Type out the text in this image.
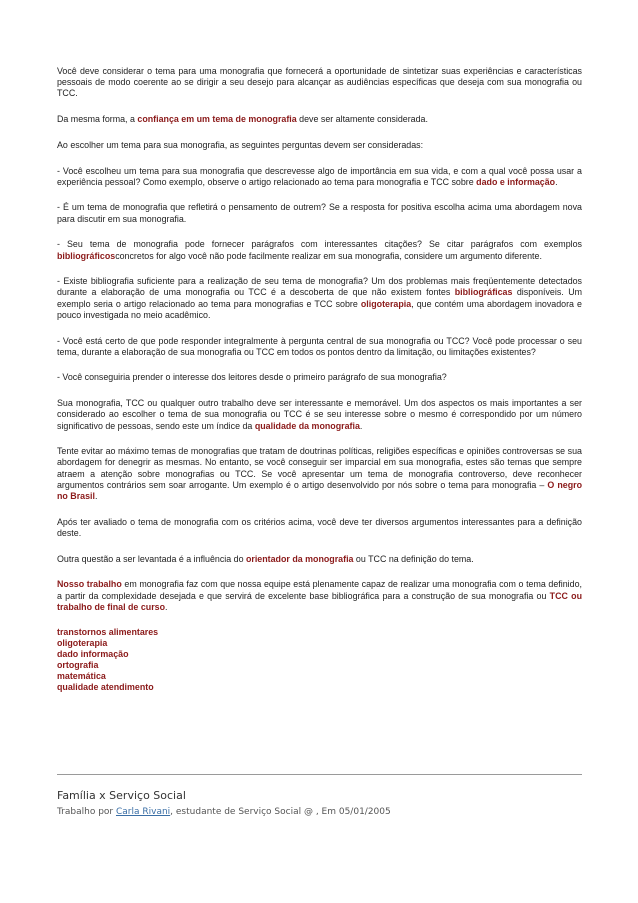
Você deve considerar o tema para uma monografia que fornecerá a oportunidade de sintetizar suas experiências e características pessoais de modo coerente ao se dirigir a seu desejo para alcançar as audiências específicas que deseja com sua monografia ou TCC.

Da mesma forma, a confiança em um tema de monografia deve ser altamente considerada.

Ao escolher um tema para sua monografia, as seguintes perguntas devem ser consideradas:

- Você escolheu um tema para sua monografia que descrevesse algo de importância em sua vida, e com a qual você possa usar a experiência pessoal? Como exemplo, observe o artigo relacionado ao tema para monografia e TCC sobre dado e informação.

- É um tema de monografia que refletirá o pensamento de outrem? Se a resposta for positiva escolha acima uma abordagem nova para discutir em sua monografia.

- Seu tema de monografia pode fornecer parágrafos com interessantes citações? Se citar parágrafos com exemplos bibliográficosconcretos for algo você não pode facilmente realizar em sua monografia, considere um argumento diferente.

- Existe bibliografia suficiente para a realização de seu tema de monografia? Um dos problemas mais freqüentemente detectados durante a elaboração de uma monografia ou TCC é a descoberta de que não existem fontes bibliográficas disponíveis. Um exemplo seria o artigo relacionado ao tema para monografias e TCC sobre oligoterapia, que contém uma abordagem inovadora e pouco investigada no meio acadêmico.

- Você está certo de que pode responder integralmente à pergunta central de sua monografia ou TCC? Você pode processar o seu tema, durante a elaboração de sua monografia ou TCC em todos os pontos dentro da limitação, ou limitações existentes?

- Você conseguiria prender o interesse dos leitores desde o primeiro parágrafo de sua monografia?

Sua monografia, TCC ou qualquer outro trabalho deve ser interessante e memorável. Um dos aspectos os mais importantes a ser considerado ao escolher o tema de sua monografia ou TCC é se seu interesse sobre o mesmo é correspondido por um número significativo de pessoas, sendo este um índice da qualidade da monografia.

Tente evitar ao máximo temas de monografias que tratam de doutrinas políticas, religiões específicas e opiniões controversas se sua abordagem for denegrir as mesmas. No entanto, se você conseguir ser imparcial em sua monografia, estes são temas que sempre atraem a atenção sobre monografias ou TCC. Se você apresentar um tema de monografia controverso, deve reconhecer argumentos contrários sem soar arrogante. Um exemplo é o artigo desenvolvido por nós sobre o tema para monografia – O negro no Brasil.

Após ter avaliado o tema de monografia com os critérios acima, você deve ter diversos argumentos interessantes para a definição deste.

Outra questão a ser levantada é a influência do orientador da monografia ou TCC na definição do tema.

Nosso trabalho em monografia faz com que nossa equipe está plenamente capaz de realizar uma monografia com o tema definido, a partir da complexidade desejada e que servirá de excelente base bibliográfica para a construção de sua monografia ou TCC ou trabalho de final de curso.

transtornos alimentares
oligoterapia
dado informação
ortografia
matemática
qualidade atendimento
Família x Serviço Social
Trabalho por Carla Rivani, estudante de Serviço Social @ , Em 05/01/2005
